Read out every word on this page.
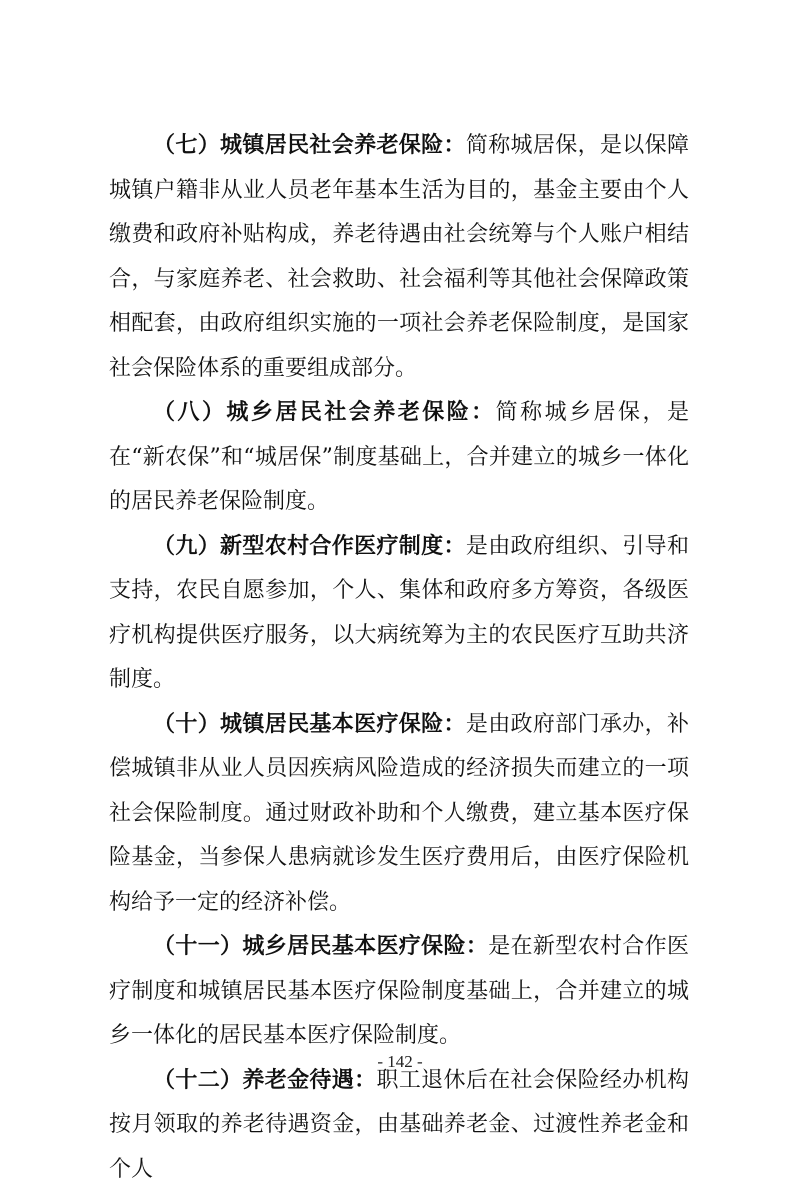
（七）城镇居民社会养老保险：简称城居保，是以保障城镇户籍非从业人员老年基本生活为目的，基金主要由个人缴费和政府补贴构成，养老待遇由社会统筹与个人账户相结合，与家庭养老、社会救助、社会福利等其他社会保障政策相配套，由政府组织实施的一项社会养老保险制度，是国家社会保险体系的重要组成部分。

（八）城乡居民社会养老保险：简称城乡居保，是在“新农保”和“城居保”制度基础上，合并建立的城乡一体化的居民养老保险制度。

（九）新型农村合作医疗制度：是由政府组织、引导和支持，农民自愿参加，个人、集体和政府多方筹资，各级医疗机构提供医疗服务，以大病统筹为主的农民医疗互助共济制度。

（十）城镇居民基本医疗保险：是由政府部门承办，补偿城镇非从业人员因疾病风险造成的经济损失而建立的一项社会保险制度。通过财政补助和个人缴费，建立基本医疗保险基金，当参保人患病就诊发生医疗费用后，由医疗保险机构给予一定的经济补偿。

（十一）城乡居民基本医疗保险：是在新型农村合作医疗制度和城镇居民基本医疗保险制度基础上，合并建立的城乡一体化的居民基本医疗保险制度。

（十二）养老金待遇：职工退休后在社会保险经办机构按月领取的养老待遇资金，由基础养老金、过渡性养老金和个人

- 142 -
